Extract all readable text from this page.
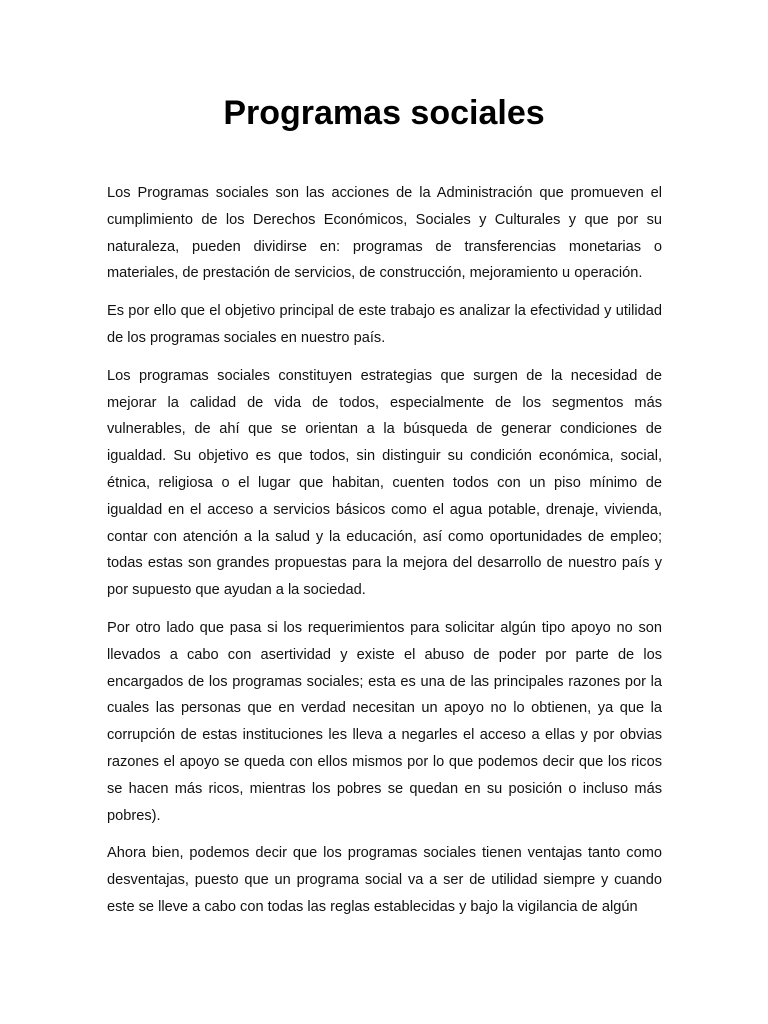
Programas sociales

Los Programas sociales son las acciones de la Administración que promueven el cumplimiento de los Derechos Económicos, Sociales y Culturales y que por su naturaleza, pueden dividirse en: programas de transferencias monetarias o materiales, de prestación de servicios, de construcción, mejoramiento u operación.

Es por ello que el objetivo principal de este trabajo es analizar la efectividad y utilidad de los programas sociales en nuestro país.

Los programas sociales constituyen estrategias que surgen de la necesidad de mejorar la calidad de vida de todos, especialmente de los segmentos más vulnerables, de ahí que se orientan a la búsqueda de generar condiciones de igualdad. Su objetivo es que todos, sin distinguir su condición económica, social, étnica, religiosa o el lugar que habitan, cuenten todos con un piso mínimo de igualdad en el acceso a servicios básicos como el agua potable, drenaje, vivienda, contar con atención a la salud y la educación, así como oportunidades de empleo; todas estas son grandes propuestas para la mejora del desarrollo de nuestro país y por supuesto que ayudan a la sociedad.

Por otro lado que pasa si los requerimientos para solicitar algún tipo apoyo no son llevados a cabo con asertividad y existe el abuso de poder por parte de los encargados de los programas sociales; esta es una de las principales razones por la cuales las personas que en verdad necesitan un apoyo no lo obtienen, ya que la corrupción de estas instituciones les lleva a negarles el acceso a ellas y por obvias razones el apoyo se queda con ellos mismos por lo que podemos decir que los ricos se hacen más ricos, mientras los pobres se quedan en su posición o incluso más pobres).

Ahora bien, podemos decir que los programas sociales tienen ventajas tanto como desventajas, puesto que un programa social va a ser de utilidad siempre y cuando este se lleve a cabo con todas las reglas establecidas y bajo la vigilancia de algún
